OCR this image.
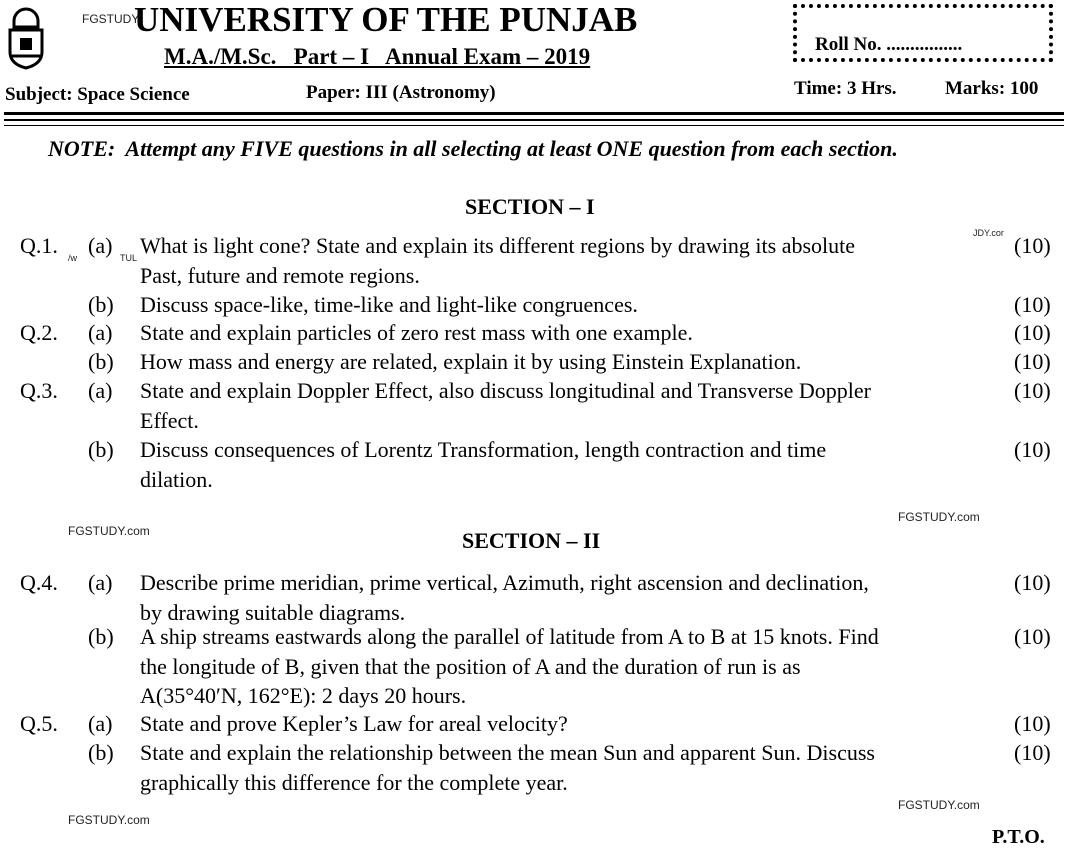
FGSTUDY
UNIVERSITY OF THE PUNJAB
M.A./M.Sc.   Part – I   Annual Exam – 2019
Subject: Space Science	Paper: III (Astronomy)
Roll No. ................
Time: 3 Hrs.	Marks: 100
NOTE:  Attempt any FIVE questions in all selecting at least ONE question from each section.
SECTION – I
SECTION – II
Q.1. (a) What is light cone? State and explain its different regions by drawing its absolute
Past, future and remote regions.
(10)
(b) Discuss space-like, time-like and light-like congruences.	(10)
Q.2. (a) State and explain particles of zero rest mass with one example.	(10)
(b) How mass and energy are related, explain it by using Einstein Explanation.	(10)
Q.3. (a) State and explain Doppler Effect, also discuss longitudinal and Transverse Doppler
Effect.
(10)
(b) Discuss consequences of Lorentz Transformation, length contraction and time
dilation.
(10)
Q.4. (a) Describe prime meridian, prime vertical, Azimuth, right ascension and declination,
by drawing suitable diagrams.
(10)
(b) A ship streams eastwards along the parallel of latitude from A to B at 15 knots. Find
the longitude of B, given that the position of A and the duration of run is as
A(35°40′N, 162°E): 2 days 20 hours.
(10)
Q.5. (a) State and prove Kepler’s Law for areal velocity?	(10)
(b) State and explain the relationship between the mean Sun and apparent Sun. Discuss
graphically this difference for the complete year.
(10)
/w	TUL
JDY.cor
FGSTUDY.com
FGSTUDY.com
FGSTUDY.com
FGSTUDY.com
P.T.O.
